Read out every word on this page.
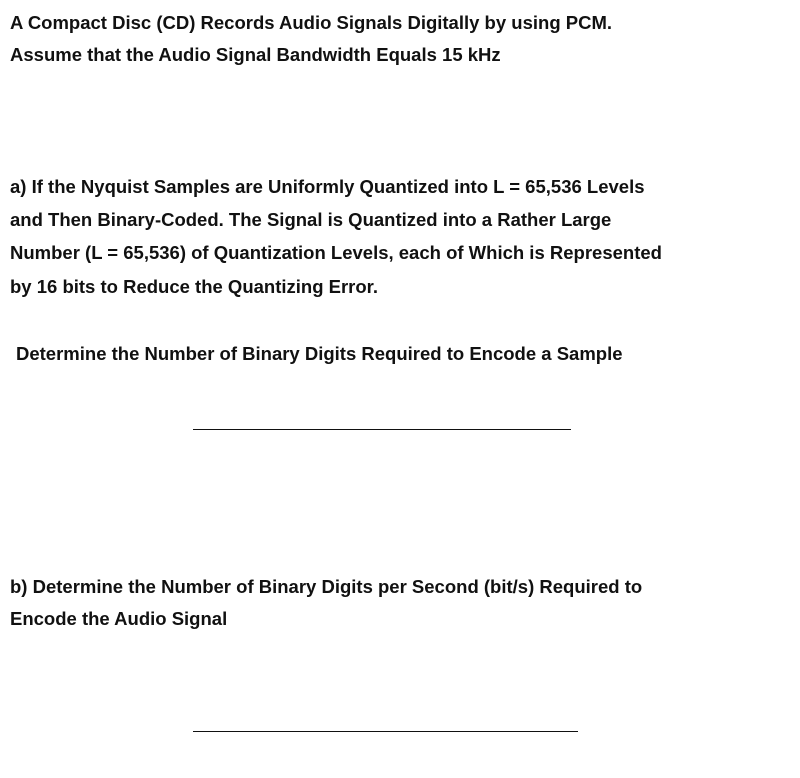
A Compact Disc (CD) Records Audio Signals Digitally by using PCM.
Assume that the Audio Signal Bandwidth Equals 15 kHz
a) If the Nyquist Samples are Uniformly Quantized into L = 65,536 Levels
and Then Binary-Coded. The Signal is Quantized into a Rather Large
Number (L = 65,536) of Quantization Levels, each of Which is Represented
by 16 bits to Reduce the Quantizing Error.
Determine the Number of Binary Digits Required to Encode a Sample
b) Determine the Number of Binary Digits per Second (bit/s) Required to
Encode the Audio Signal
